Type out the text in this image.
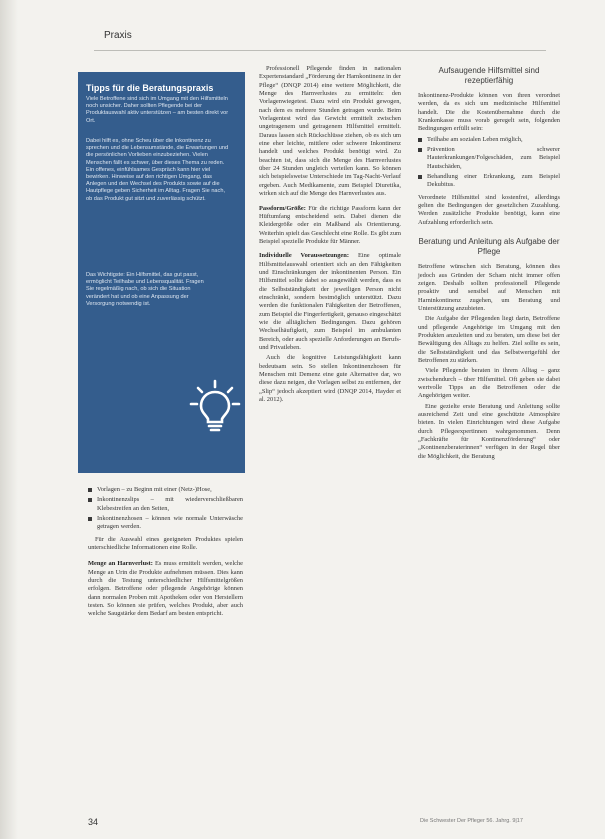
Praxis
Tipps für die Beratungspraxis

Viele Betroffene sind sich im Umgang mit den Hilfsmitteln noch unsicher. Daher sollten Pflegende bei der Produktauswahl aktiv unterstützen – am besten direkt vor Ort.

Dabei hilft es, ohne Scheu über die Inkontinenz zu sprechen und die Lebensumstände, die Erwartungen und die persönlichen Vorlieben einzubeziehen. Vielen Menschen fällt es schwer, über dieses Thema zu reden. Ein offenes, einfühlsames Gespräch kann hier viel bewirken. Hinweise auf den richtigen Umgang, das Anlegen und den Wechsel des Produkts sowie auf die Hautpflege geben Sicherheit im Alltag. Fragen Sie nach, ob das Produkt gut sitzt und zuverlässig schützt.

Das Wichtigste: Ein Hilfsmittel, das gut passt, ermöglicht Teilhabe und Lebensqualität. Fragen Sie regelmäßig nach, ob sich die Situation verändert hat und ob eine Anpassung der Versorgung notwendig ist.

Vorlagen – zu Beginn mit einer (Netz-)Hose,
Inkontinenzslips – mit wiederverschließbaren Klebestreifen an den Seiten,
Inkontinenzhosen – können wie normale Unterwäsche getragen werden.

Für die Auswahl eines geeigneten Produktes spielen unterschiedliche Informationen eine Rolle.

Menge an Harnverlust: Es muss ermittelt werden, welche Menge an Urin die Produkte aufnehmen müssen. Dies kann durch die Testung unterschiedlicher Hilfsmittelgrößen erfolgen. Betroffene oder pflegende Angehörige können dann normalen Proben mit Apotheken oder von Herstellern testen. So können sie prüfen, welches Produkt, aber auch welche Saugstärke dem Bedarf am besten entspricht.

Professionell Pflegende finden in nationalen Expertenstandard „Förderung der Harnkontinenz in der Pflege“ (DNQP 2014) eine weitere Möglichkeit, die Menge des Harnverlustes zu ermitteln: den Vorlagenwiegetest. Dazu wird ein Produkt gewogen, nach dem es mehrere Stunden getragen wurde. Beim Vorlagentest wird das Gewicht ermittelt zwischen ungetragenem und getragenem Hilfsmittel ermittelt. Daraus lassen sich Rückschlüsse ziehen, ob es sich um eine eher leichte, mittlere oder schwere Inkontinenz handelt und welches Produkt benötigt wird. Zu beachten ist, dass sich die Menge des Harnverlustes über 24 Stunden ungleich verteilen kann. So können sich beispielsweise Unterschiede im Tag-Nacht-Verlauf ergeben. Auch Medikamente, zum Beispiel Diuretika, wirken sich auf die Menge des Harnverlustes aus.

Passform/Größe: Für die richtige Passform kann der Hüftumfang entscheidend sein. Dabei dienen die Kleidergröße oder ein Maßband als Orientierung. Weiterhin spielt das Geschlecht eine Rolle. Es gibt zum Beispiel spezielle Produkte für Männer.

Individuelle Voraussetzungen: Eine optimale Hilfsmittelauswahl orientiert sich an den Fähigkeiten und Einschränkungen der inkontinenten Person. Ein Hilfsmittel sollte dabei so ausgewählt werden, dass es die Selbstständigkeit der jeweiligen Person nicht einschränkt, sondern bestmöglich unterstützt. Dazu werden die funktionalen Fähigkeiten der Betroffenen, zum Beispiel die Fingerfertigkeit, genauso eingeschätzt wie die alltäglichen Bedingungen. Dazu gehören Wechselhäufigkeit, zum Beispiel im ambulanten Bereich, oder auch spezielle Anforderungen an Berufs- und Privatleben.

Auch die kognitive Leistungsfähigkeit kann bedeutsam sein. So stellen Inkontinenzhosen für Menschen mit Demenz eine gute Alternative dar, wo diese dazu neigen, die Vorlagen selbst zu entfernen, der „Slip“ jedoch akzeptiert wird (DNQP 2014, Hayder et al. 2012).

Aufsaugende Hilfsmittel sind rezeptierfähig

Inkontinenz-Produkte können von ihren verordnet werden, da es sich um medizinische Hilfsmittel handelt. Die die Kostenübernahme durch die Krankenkasse muss vorab geregelt sein, folgenden Bedingungen erfüllt sein:

Teilhabe am sozialen Leben möglich,
Prävention schwerer Hauterkrankungen/Folgeschäden, zum Beispiel Hautschäden,
Behandlung einer Erkrankung, zum Beispiel Dekubitus.

Verordnete Hilfsmittel sind kostenfrei, allerdings gelten die Bedingungen der gesetzlichen Zuzahlung. Werden zusätzliche Produkte benötigt, kann eine Aufzahlung erforderlich sein.

Beratung und Anleitung als Aufgabe der Pflege

Betroffene wünschen sich Beratung, können dies jedoch aus Gründen der Scham nicht immer offen zeigen. Deshalb sollten professionell Pflegende proaktiv und sensibel auf Menschen mit Harninkontinenz zugehen, um Beratung und Unterstützung anzubieten.

Die Aufgabe der Pflegenden liegt darin, Betroffene und pflegende Angehörige im Umgang mit den Produkten anzuleiten und zu beraten, um diese bei der Bewältigung des Alltags zu helfen. Ziel sollte es sein, die Selbstständigkeit und das Selbstwertgefühl der Betroffenen zu stärken.

Viele Pflegende beraten in ihrem Alltag – ganz zwischendurch – über Hilfsmittel. Oft geben sie dabei wertvolle Tipps an die Betroffenen oder die Angehörigen weiter.

Eine gezielte erste Beratung und Anleitung sollte ausreichend Zeit und eine geschützte Atmosphäre bieten. In vielen Einrichtungen wird diese Aufgabe durch Pflegeexpertinnen wahrgenommen. Denn „Fachkräfte für Kontinenzförderung“ oder „Kontinenzberaterinnen“ verfügen in der Regel über die Möglichkeit, die Beratung

34	Die Schwester Der Pfleger 56. Jahrg. 9|17
